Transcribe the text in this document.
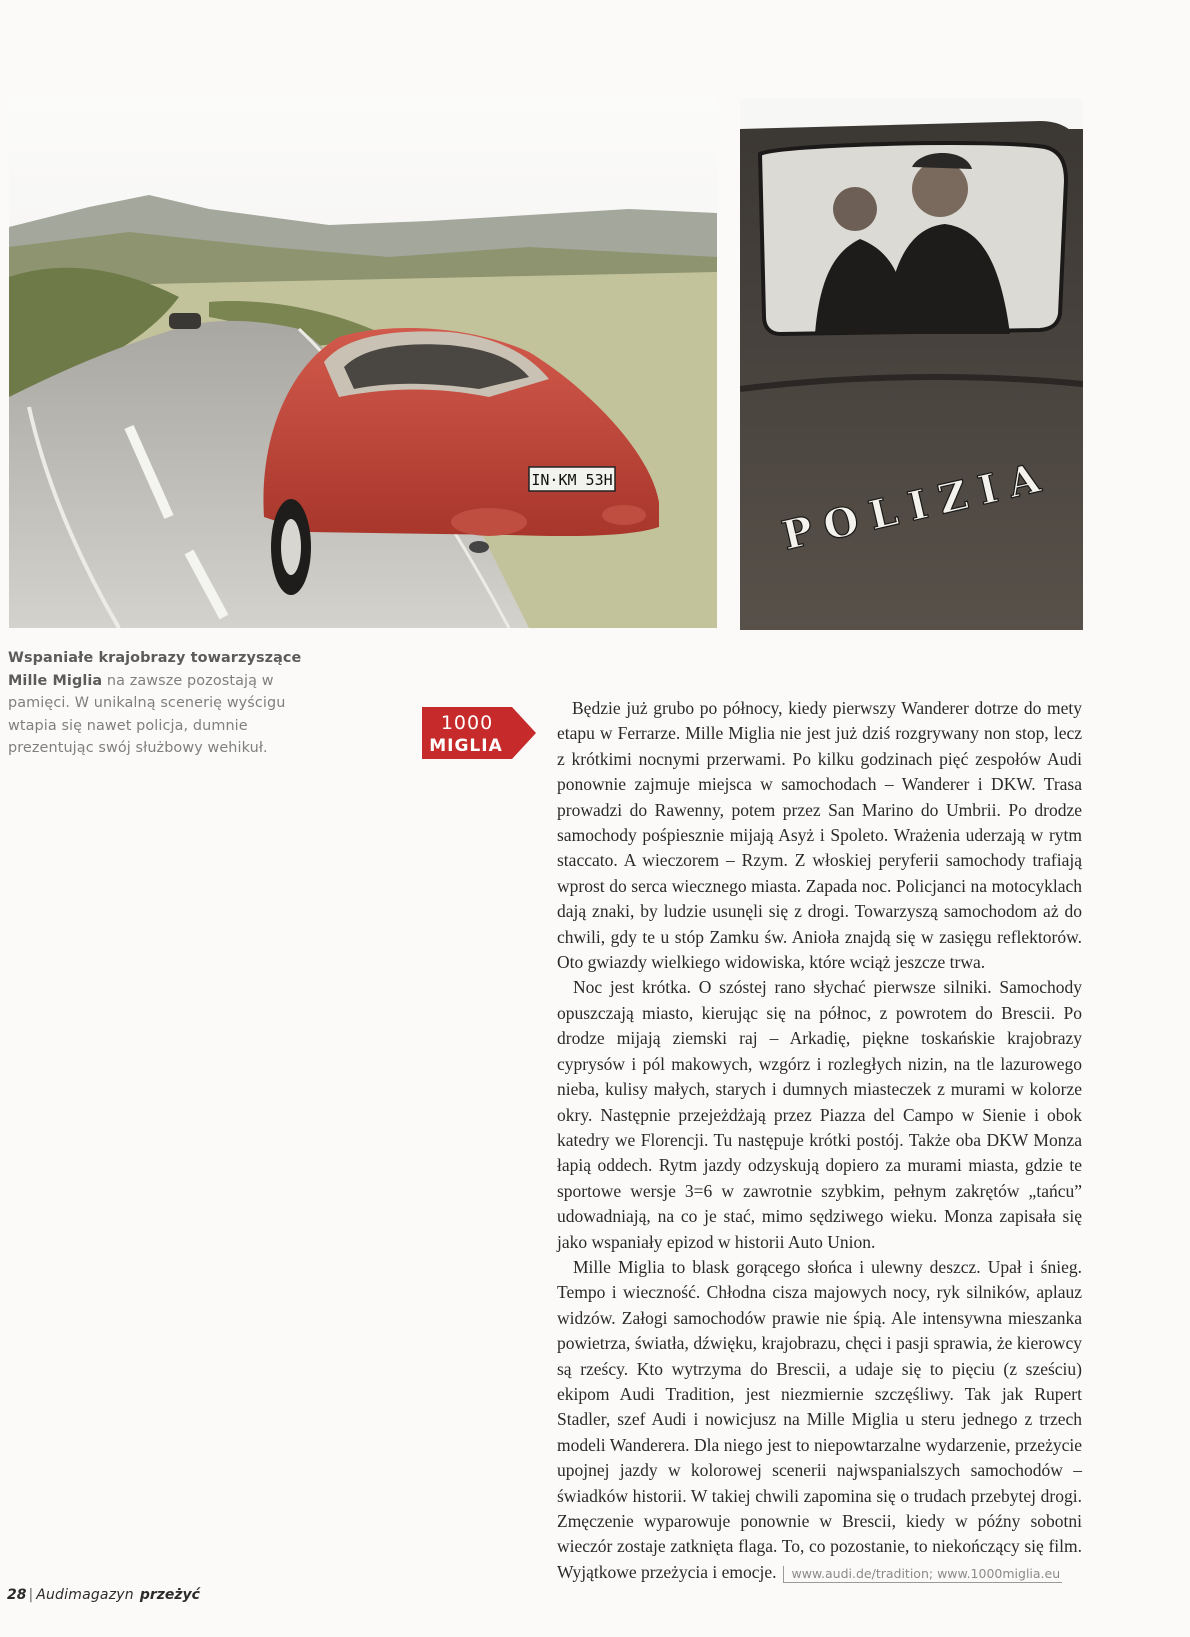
IN·KM 53H	POLIZIA
Wspaniałe krajobrazy towarzyszące Mille Miglia na zawsze pozostają w pamięci. W unikalną scenerię wyścigu wtapia się nawet policja, dumnie prezentując swój służbowy wehikuł.
1000
MIGLIA

Będzie już grubo po północy, kiedy pierwszy Wanderer dotrze do mety etapu w Ferrarze. Mille Miglia nie jest już dziś rozgrywany non stop, lecz z krótkimi nocnymi przerwami. Po kilku godzinach pięć zespołów Audi ponownie zajmuje miejsca w samochodach – Wanderer i DKW. Trasa prowadzi do Rawenny, potem przez San Marino do Umbrii. Po drodze samochody pośpiesznie mijają Asyż i Spoleto. Wrażenia uderzają w rytm staccato. A wieczorem – Rzym. Z włoskiej peryferii samochody trafiają wprost do serca wiecznego miasta. Zapada noc. Policjanci na motocyklach dają znaki, by ludzie usunęli się z drogi. Towarzyszą samochodom aż do chwili, gdy te u stóp Zamku św. Anioła znajdą się w zasięgu reflektorów. Oto gwiazdy wielkiego widowiska, które wciąż jeszcze trwa.

Noc jest krótka. O szóstej rano słychać pierwsze silniki. Samochody opuszczają miasto, kierując się na północ, z powrotem do Brescii. Po drodze mijają ziemski raj – Arkadię, piękne toskańskie krajobrazy cyprysów i pól makowych, wzgórz i rozległych nizin, na tle lazurowego nieba, kulisy małych, starych i dumnych miasteczek z murami w kolorze okry. Następnie przejeżdżają przez Piazza del Campo w Sienie i obok katedry we Florencji. Tu następuje krótki postój. Także oba DKW Monza łapią oddech. Rytm jazdy odzyskują dopiero za murami miasta, gdzie te sportowe wersje 3=6 w zawrotnie szybkim, pełnym zakrętów „tańcu” udowadniają, na co je stać, mimo sędziwego wieku. Monza zapisała się jako wspaniały epizod w historii Auto Union.

Mille Miglia to blask gorącego słońca i ulewny deszcz. Upał i śnieg. Tempo i wieczność. Chłodna cisza majowych nocy, ryk silników, aplauz widzów. Załogi samochodów prawie nie śpią. Ale intensywna mieszanka powietrza, światła, dźwięku, krajobrazu, chęci i pasji sprawia, że kierowcy są rześcy. Kto wytrzyma do Brescii, a udaje się to pięciu (z sześciu) ekipom Audi Tradition, jest niezmiernie szczęśliwy. Tak jak Rupert Stadler, szef Audi i nowicjusz na Mille Miglia u steru jednego z trzech modeli Wanderera. Dla niego jest to niepowtarzalne wydarzenie, przeżycie upojnej jazdy w kolorowej scenerii najwspanialszych samochodów – świadków historii. W takiej chwili zapomina się o trudach przebytej drogi. Zmęczenie wyparowuje ponownie w Brescii, kiedy w późny sobotni wieczór zostaje zatknięta flaga. To, co pozostanie, to niekończący się film. Wyjątkowe przeżycia i emocje. www.audi.de/tradition; www.1000miglia.eu

28 | Audimagazyn przeżyć
